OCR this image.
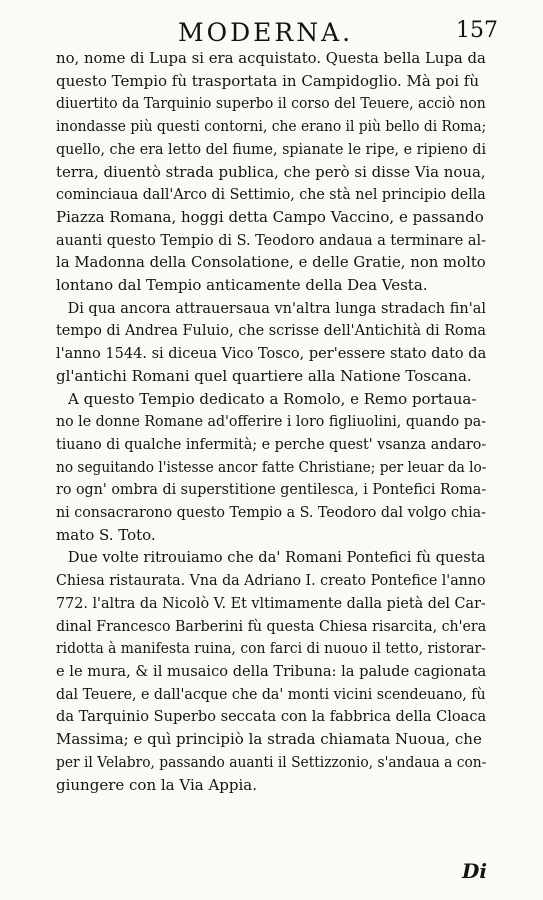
MODERNA.	157
no, nome di Lupa si era acquistato. Questa bella Lupa da
questo Tempio fù trasportata in Campidoglio. Mà poi fù
diuertito da Tarquinio superbo il corso del Teuere, acciò non
inondasse più questi contorni, che erano il più bello di Roma;
quello, che era letto del fiume, spianate le ripe, e ripieno di
terra, diuentò strada publica, che però si disse Via noua,
cominciaua dall'Arco di Settimio, che stà nel principio della
Piazza Romana, hoggi detta Campo Vaccino, e passando
auanti questo Tempio di S. Teodoro andaua a terminare al-
la Madonna della Consolatione, e delle Gratie, non molto
lontano dal Tempio anticamente della Dea Vesta.
Di qua ancora attrauersaua vn'altra lunga stradach fin'al
tempo di Andrea Fuluio, che scrisse dell'Antichità di Roma
l'anno 1544. si diceua Vico Tosco, per'essere stato dato da
gl'antichi Romani quel quartiere alla Natione Toscana.
A questo Tempio dedicato a Romolo, e Remo portaua-
no le donne Romane ad'offerire i loro figliuolini, quando pa-
tiuano di qualche infermità; e perche quest' vsanza andaro-
no seguitando l'istesse ancor fatte Christiane; per leuar da lo-
ro ogn' ombra di superstitione gentilesca, i Pontefici Roma-
ni consacrarono questo Tempio a S. Teodoro dal volgo chia-
mato S. Toto.
Due volte ritrouiamo che da' Romani Pontefici fù questa
Chiesa ristaurata. Vna da Adriano I. creato Pontefice l'anno
772. l'altra da Nicolò V. Et vltimamente dalla pietà del Car-
dinal Francesco Barberini fù questa Chiesa risarcita, ch'era
ridotta à manifesta ruina, con farci di nuouo il tetto, ristorar-
e le mura, & il musaico della Tribuna: la palude cagionata
dal Teuere, e dall'acque che da' monti vicini scendeuano, fù
da Tarquinio Superbo seccata con la fabbrica della Cloaca
Massima; e quì principiò la strada chiamata Nuoua, che
per il Velabro, passando auanti il Settizzonio, s'andaua a con-
giungere con la Via Appia.
Di
